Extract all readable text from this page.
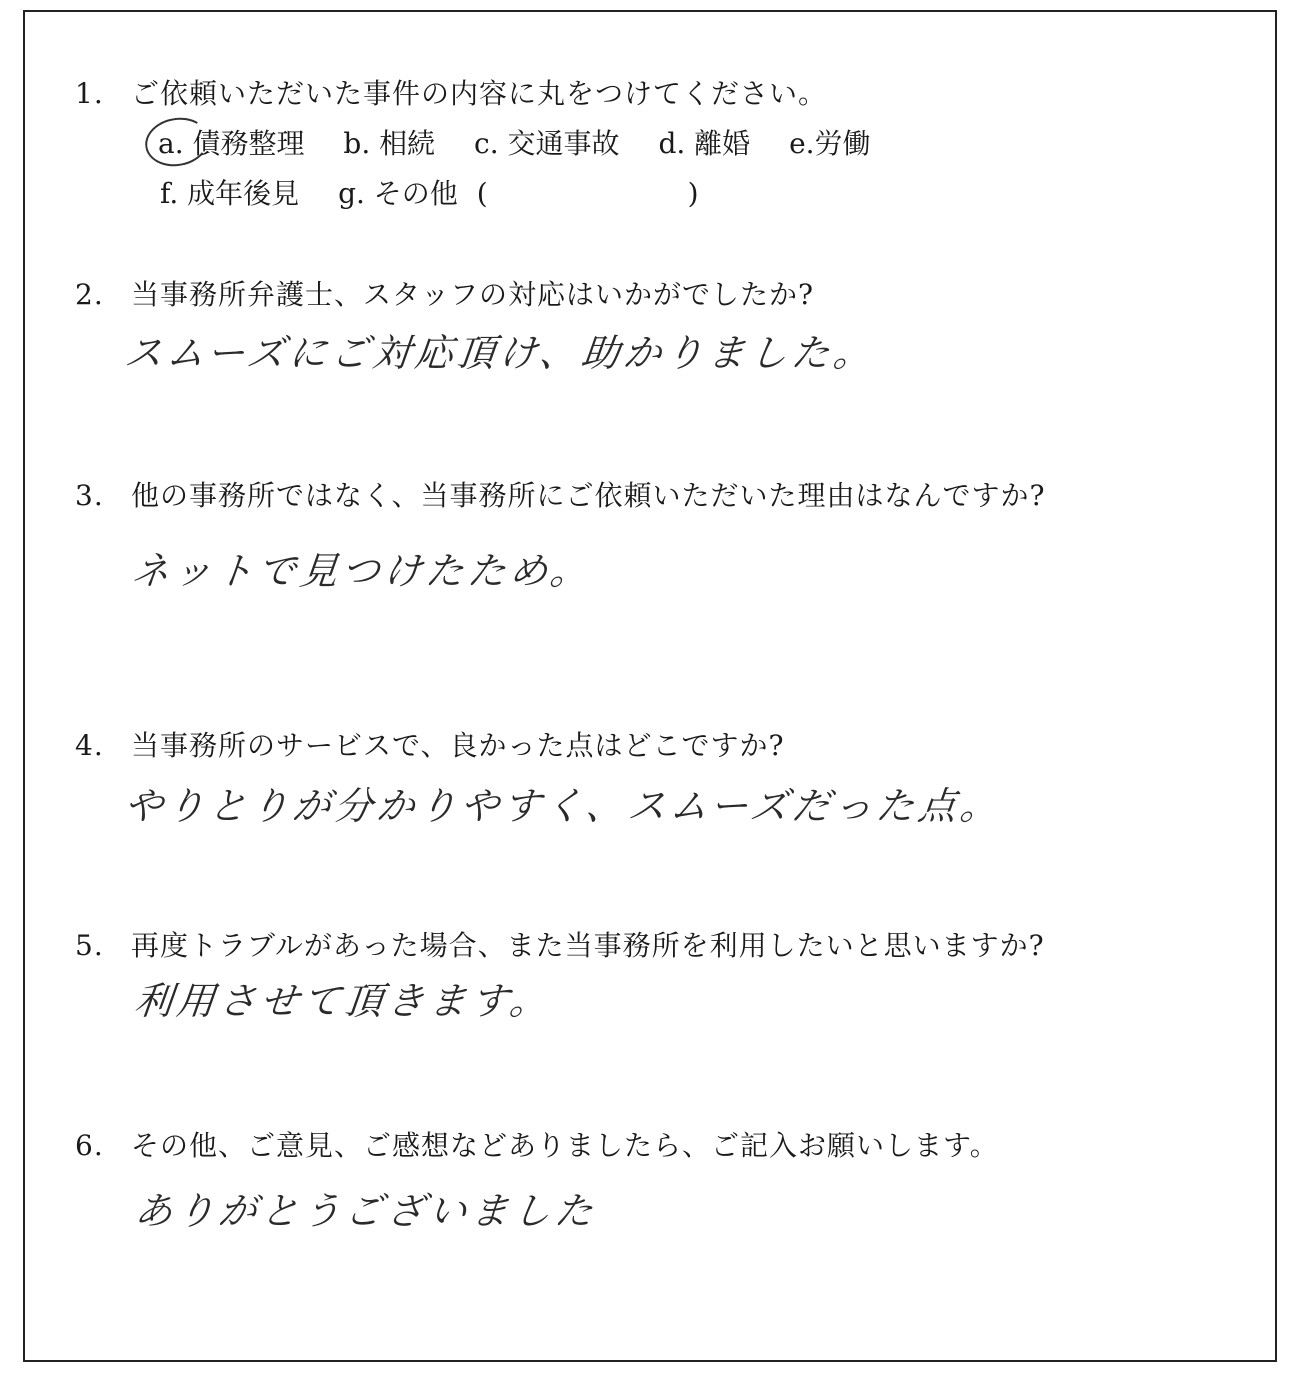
1. ご依頼いただいた事件の内容に丸をつけてください。
a. 債務整理 b. 相続 c. 交通事故 d. 離婚 e.労働
f. 成年後見 g. その他 (	)
2. 当事務所弁護士、スタッフの対応はいかがでしたか?
スムーズにご対応頂け、助かりました。
3. 他の事務所ではなく、当事務所にご依頼いただいた理由はなんですか?
ネットで見つけたため。
4. 当事務所のサービスで、良かった点はどこですか?
やりとりが分かりやすく、スムーズだった点。
5. 再度トラブルがあった場合、また当事務所を利用したいと思いますか?
利用させて頂きます。
6. その他、ご意見、ご感想などありましたら、ご記入お願いします。
ありがとうございました
